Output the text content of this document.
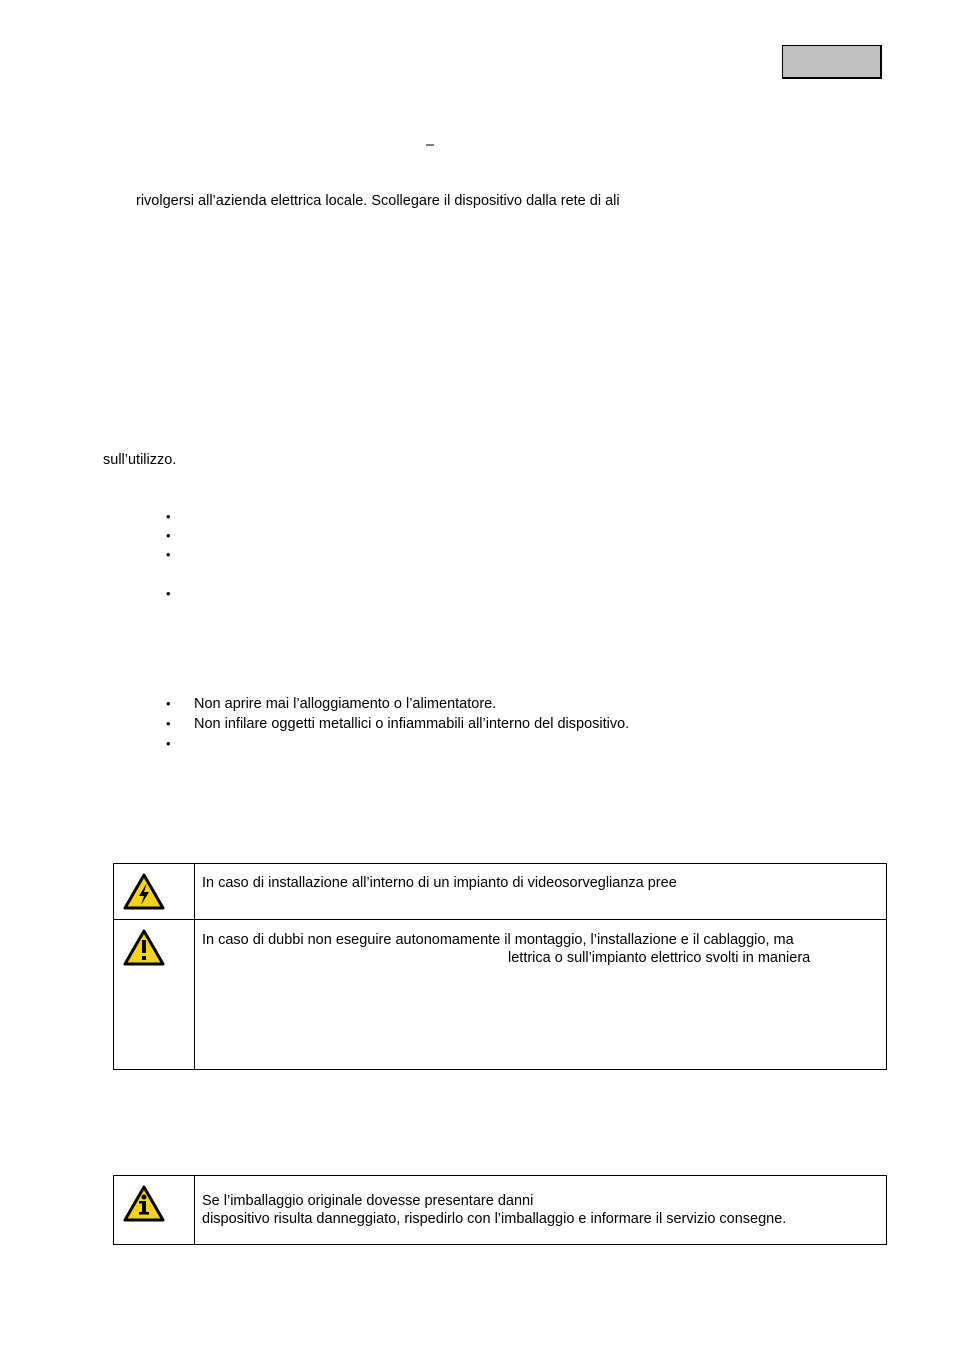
–
rivolgersi all’azienda elettrica locale. Scollegare il dispositivo dalla rete di ali
sull’utilizzo.
•
•
•
•
• Non aprire mai l’alloggiamento o l’alimentatore.
• Non infilare oggetti metallici o infiammabili all’interno del dispositivo.
•
In caso di installazione all’interno di un impianto di videosorveglianza pree
In caso di dubbi non eseguire autonomamente il montaggio, l’installazione e il cablaggio, ma
lettrica o sull’impianto elettrico svolti in maniera
Se l’imballaggio originale dovesse presentare danni
dispositivo risulta danneggiato, rispedirlo con l’imballaggio e informare il servizio consegne.
